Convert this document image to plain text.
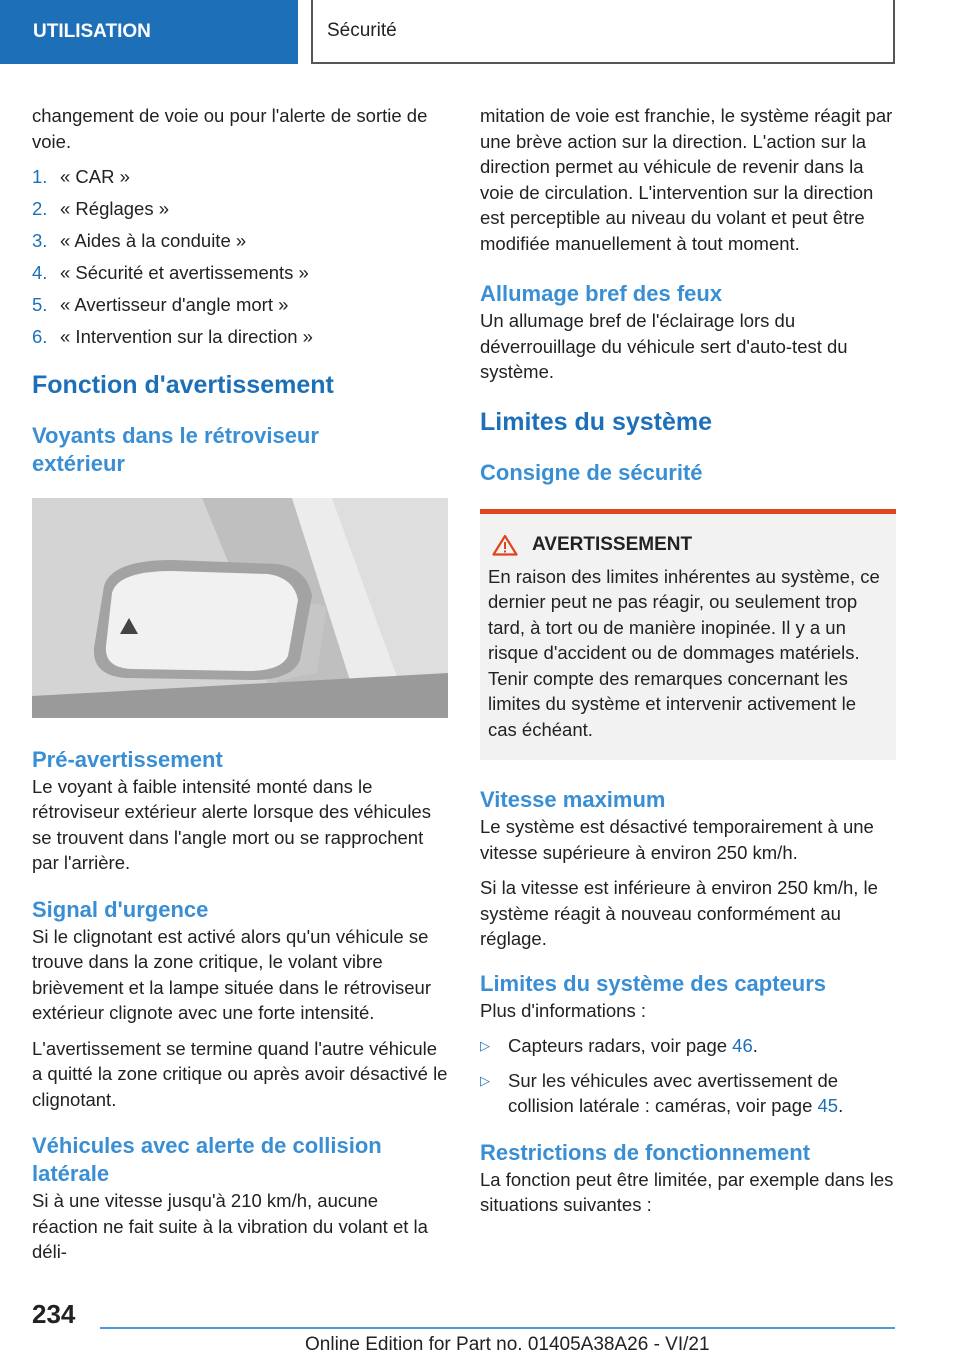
UTILISATION	Sécurité

changement de voie ou pour l'alerte de sortie de voie.

1. « CAR »
2. « Réglages »
3. « Aides à la conduite »
4. « Sécurité et avertissements »
5. « Avertisseur d'angle mort »
6. « Intervention sur la direction »
Fonction d'avertissement
Voyants dans le rétroviseur extérieur
Pré-avertissement

Le voyant à faible intensité monté dans le rétroviseur extérieur alerte lorsque des véhicules se trouvent dans l'angle mort ou se rapprochent par l'arrière.

Signal d'urgence

Si le clignotant est activé alors qu'un véhicule se trouve dans la zone critique, le volant vibre brièvement et la lampe située dans le rétroviseur extérieur clignote avec une forte intensité.

L'avertissement se termine quand l'autre véhicule a quitté la zone critique ou après avoir désactivé le clignotant.

Véhicules avec alerte de collision latérale

Si à une vitesse jusqu'à 210 km/h, aucune réaction ne fait suite à la vibration du volant et la déli-

mitation de voie est franchie, le système réagit par une brève action sur la direction. L'action sur la direction permet au véhicule de revenir dans la voie de circulation. L'intervention sur la direction est perceptible au niveau du volant et peut être modifiée manuellement à tout moment.

Allumage bref des feux

Un allumage bref de l'éclairage lors du déverrouillage du véhicule sert d'auto-test du système.

Limites du système
Consigne de sécurité
AVERTISSEMENT

En raison des limites inhérentes au système, ce dernier peut ne pas réagir, ou seulement trop tard, à tort ou de manière inopinée. Il y a un risque d'accident ou de dommages matériels. Tenir compte des remarques concernant les limites du système et intervenir activement le cas échéant.

Vitesse maximum

Le système est désactivé temporairement à une vitesse supérieure à environ 250 km/h.

Si la vitesse est inférieure à environ 250 km/h, le système réagit à nouveau conformément au réglage.

Limites du système des capteurs

Plus d'informations :

▷ Capteurs radars, voir page 46.
▷ Sur les véhicules avec avertissement de collision latérale : caméras, voir page 45.
Restrictions de fonctionnement

La fonction peut être limitée, par exemple dans les situations suivantes :

234
Online Edition for Part no. 01405A38A26 - VI/21
